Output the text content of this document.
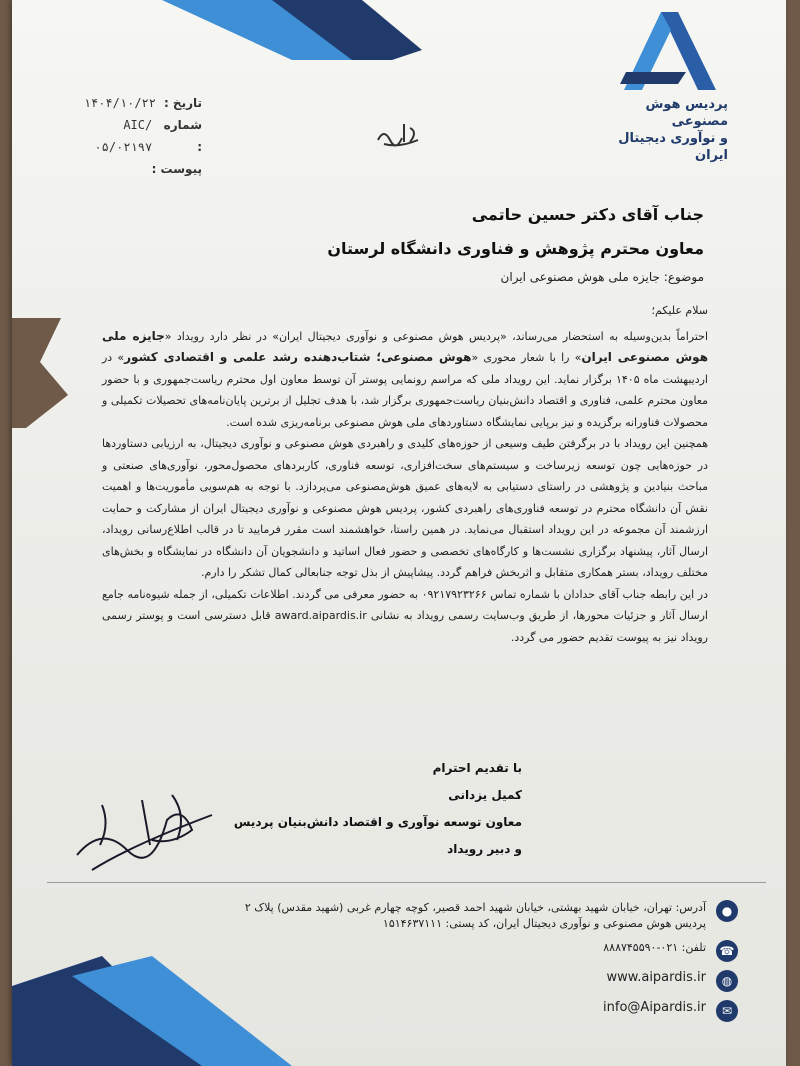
پردیس هوش مصنوعی
و نوآوری دیجیتال ایران
تاریخ :
۱۴۰۴/۱۰/۲۲
شماره :
AIC/۰۵/۰۲۱۹۷
پیوست :
جناب آقای دکتر حسین حاتمی
معاون محترم پژوهش و فناوری دانشگاه لرستان
موضوع: جایزه ملی هوش مصنوعی ایران

سلام علیکم؛

احتراماً بدین‌وسیله به استحضار می‌رساند، «پردیس هوش مصنوعی و نوآوری دیجیتال ایران» در نظر دارد رویداد «جایزه ملی هوش مصنوعی ایران» را با شعار محوری «هوش مصنوعی؛ شتاب‌دهنده رشد علمی و اقتصادی کشور» در اردیبهشت ماه ۱۴۰۵ برگزار نماید. این رویداد ملی که مراسم رونمایی پوستر آن توسط معاون اول محترم ریاست‌جمهوری و با حضور معاون محترم علمی، فناوری و اقتصاد دانش‌بنیان ریاست‌جمهوری برگزار شد، با هدف تجلیل از برترین پایان‌نامه‌های تحصیلات تکمیلی و محصولات فناورانه برگزیده و نیز برپایی نمایشگاه دستاوردهای ملی هوش مصنوعی برنامه‌ریزی شده است.

همچنین این رویداد با در برگرفتن طیف وسیعی از حوزه‌های کلیدی و راهبردی هوش مصنوعی و نوآوری دیجیتال، به ارزیابی دستاوردها در حوزه‌هایی چون توسعه زیرساخت و سیستم‌های سخت‌افزاری، توسعه فناوری، کاربردهای محصول‌محور، نوآوری‌های صنعتی و مباحث بنیادین و پژوهشی در راستای دستیابی به لایه‌های عمیق هوش‌مصنوعی می‌پردازد. با توجه به هم‌سویی مأموریت‌ها و اهمیت نقش آن دانشگاه محترم در توسعه فناوری‌های راهبردی کشور، پردیس هوش مصنوعی و نوآوری دیجیتال ایران از مشارکت و حمایت ارزشمند آن مجموعه در این رویداد استقبال می‌نماید. در همین راستا، خواهشمند است مقرر فرمایید تا در قالب اطلاع‌رسانی رویداد، ارسال آثار، پیشنهاد برگزاری نشست‌ها و کارگاه‌های تخصصی و حضور فعال اساتید و دانشجویان آن دانشگاه در نمایشگاه و بخش‌های مختلف رویداد، بستر همکاری متقابل و اثربخش فراهم گردد. پیشاپیش از بذل توجه جنابعالی کمال تشکر را دارم.

در این رابطه جناب آقای حدادان با شماره تماس ۰۹۲۱۷۹۲۳۲۶۶ به حضور معرفی می گردند. اطلاعات تکمیلی، از جمله شیوه‌نامه جامع ارسال آثار و جزئیات محورها، از طریق وب‌سایت رسمی رویداد به نشانی award.aipardis.ir قابل دسترسی است و پوستر رسمی رویداد نیز به پیوست تقدیم حضور می گردد.

با تقدیم احترام
کمیل یزدانی
معاون توسعه نوآوری و اقتصاد دانش‌بنیان پردیس
و دبیر رویداد
●
آدرس: تهران، خیابان شهید بهشتی، خیابان شهید احمد قصیر، کوچه چهارم غربی (شهید مقدس) پلاک ۲
پردیس هوش مصنوعی و نوآوری دیجیتال ایران، کد پستی: ۱۵۱۴۶۳۷۱۱۱
☎
تلفن: ۰۲۱-۸۸۸۷۴۵۵۹۰
◍
www.aipardis.ir
✉
info@Aipardis.ir
